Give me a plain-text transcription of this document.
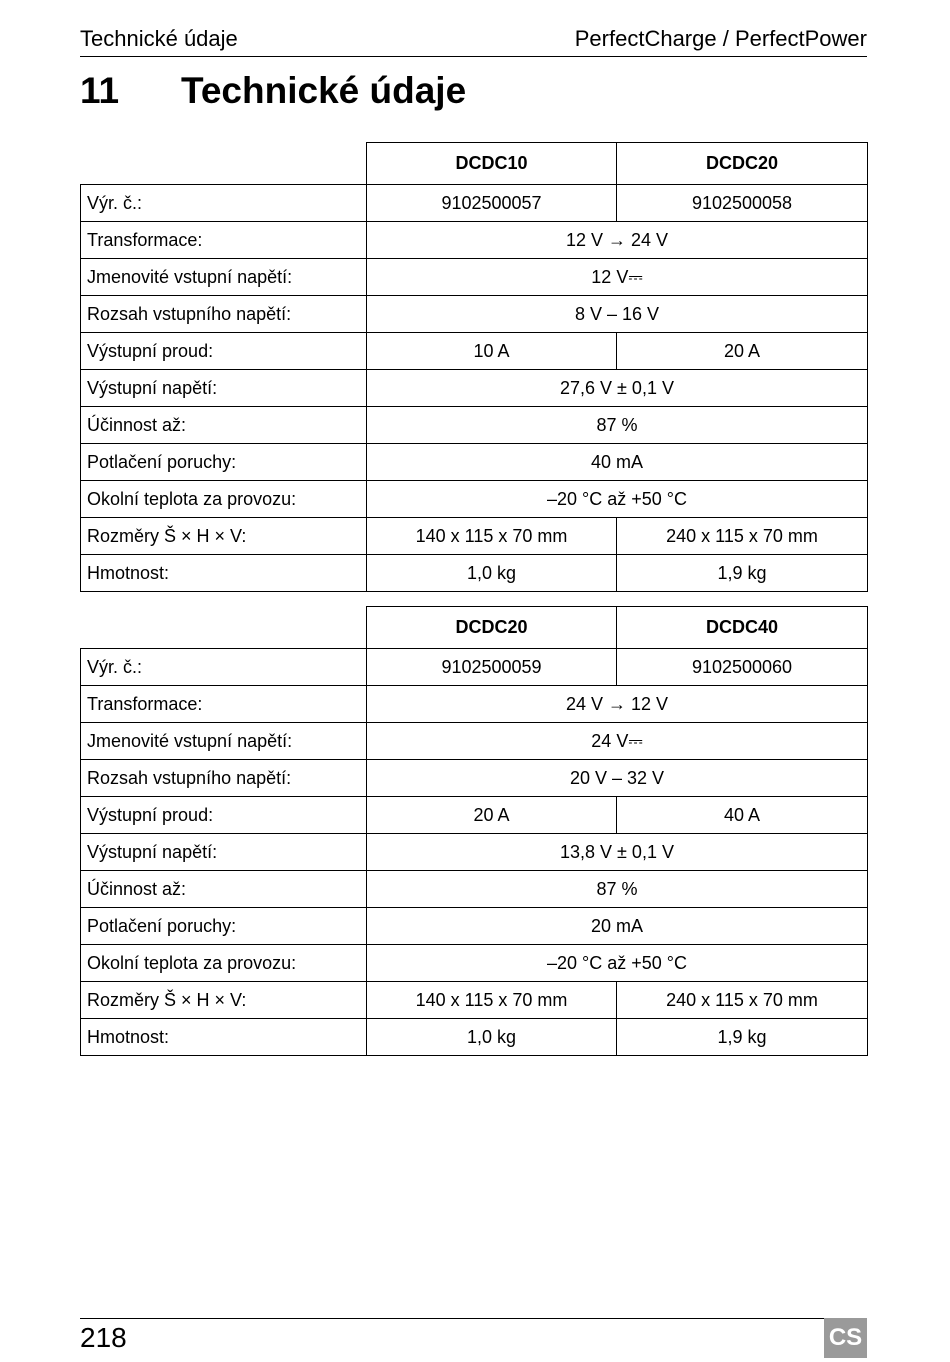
Technické údaje	PerfectCharge / PerfectPower
11 Technické údaje
	DCDC10	DCDC20
Výr. č.:	9102500057	9102500058
Transformace:	12 V → 24 V	
Jmenovité vstupní napětí:	12 V⎓	
Rozsah vstupního napětí:	8 V – 16 V	
Výstupní proud:	10 A	20 A
Výstupní napětí:	27,6 V ± 0,1 V	
Účinnost až:	87 %	
Potlačení poruchy:	40 mA	
Okolní teplota za provozu:	–20 °C až +50 °C	
Rozměry Š × H × V:	140 x 115 x 70 mm	240 x 115 x 70 mm
Hmotnost:	1,0 kg	1,9 kg
	DCDC20	DCDC40
Výr. č.:	9102500059	9102500060
Transformace:	24 V → 12 V	
Jmenovité vstupní napětí:	24 V⎓	
Rozsah vstupního napětí:	20 V – 32 V	
Výstupní proud:	20 A	40 A
Výstupní napětí:	13,8 V ± 0,1 V	
Účinnost až:	87 %	
Potlačení poruchy:	20 mA	
Okolní teplota za provozu:	–20 °C až +50 °C	
Rozměry Š × H × V:	140 x 115 x 70 mm	240 x 115 x 70 mm
Hmotnost:	1,0 kg	1,9 kg
218	CS
